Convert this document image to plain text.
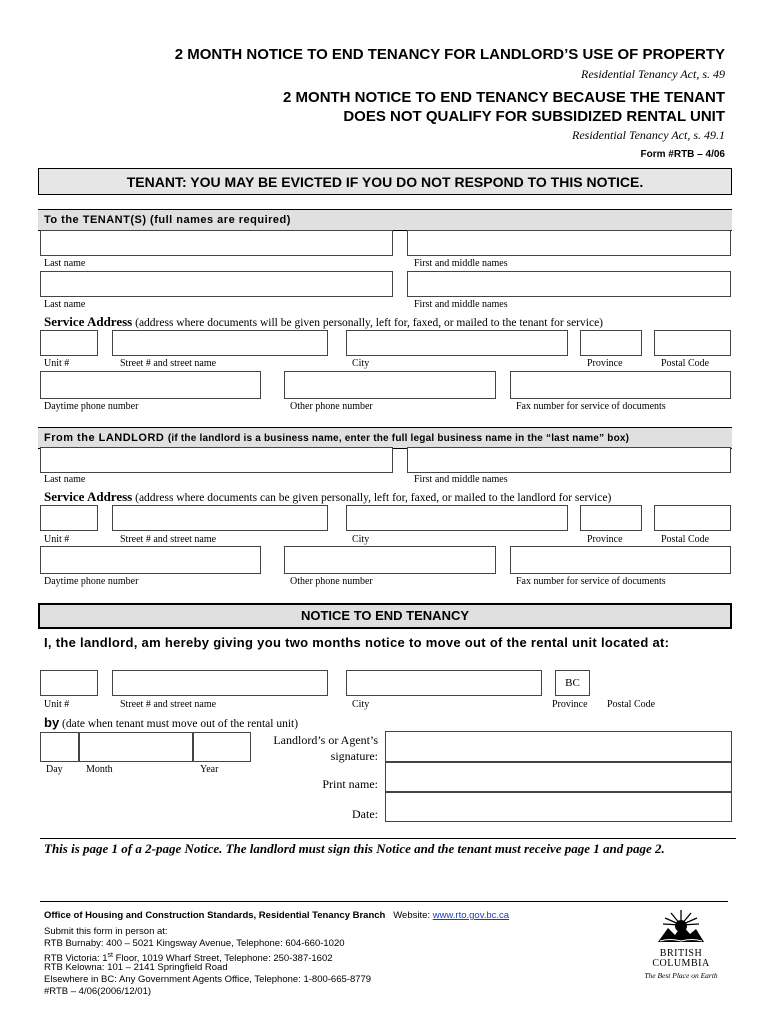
2 MONTH NOTICE TO END TENANCY FOR LANDLORD’S USE OF PROPERTY
Residential Tenancy Act, s. 49
2 MONTH NOTICE TO END TENANCY BECAUSE THE TENANT
DOES NOT QUALIFY FOR SUBSIDIZED RENTAL UNIT
Residential Tenancy Act, s. 49.1
Form #RTB – 4/06
TENANT: YOU MAY BE EVICTED IF YOU DO NOT RESPOND TO THIS NOTICE.
To the TENANT(S) (full names are required)
Last name	First and middle names
Last name	First and middle names
Service Address (address where documents will be given personally, left for, faxed, or mailed to the tenant for service)
Unit #	Street # and street name	City	Province	Postal Code
Daytime phone number	Other phone number	Fax number for service of documents
From the LANDLORD (if the landlord is a business name, enter the full legal business name in the “last name” box)
Last name	First and middle names
Service Address (address where documents can be given personally, left for, faxed, or mailed to the landlord for service)
Unit #	Street # and street name	City	Province	Postal Code
Daytime phone number	Other phone number	Fax number for service of documents
NOTICE TO END TENANCY
I, the landlord, am hereby giving you two months notice to move out of the rental unit located at:
BC
Unit #	Street # and street name	City	Province Postal Code
by (date when tenant must move out of the rental unit)
Day Month	Year
Landlord’s or Agent’s
signature:
Print name:
Date:
This is page 1 of a 2-page Notice. The landlord must sign this Notice and the tenant must receive page 1 and page 2.
Office of Housing and Construction Standards, Residential Tenancy Branch Website: www.rto.gov.bc.ca
Submit this form in person at:
RTB Burnaby: 400 – 5021 Kingsway Avenue, Telephone: 604-660-1020
RTB Victoria: 1st Floor, 1019 Wharf Street, Telephone: 250-387-1602
RTB Kelowna: 101 – 2141 Springfield Road
Elsewhere in BC: Any Government Agents Office, Telephone: 1-800-665-8779
#RTB – 4/06(2006/12/01)
BRITISH
COLUMBIA
The Best Place on Earth
